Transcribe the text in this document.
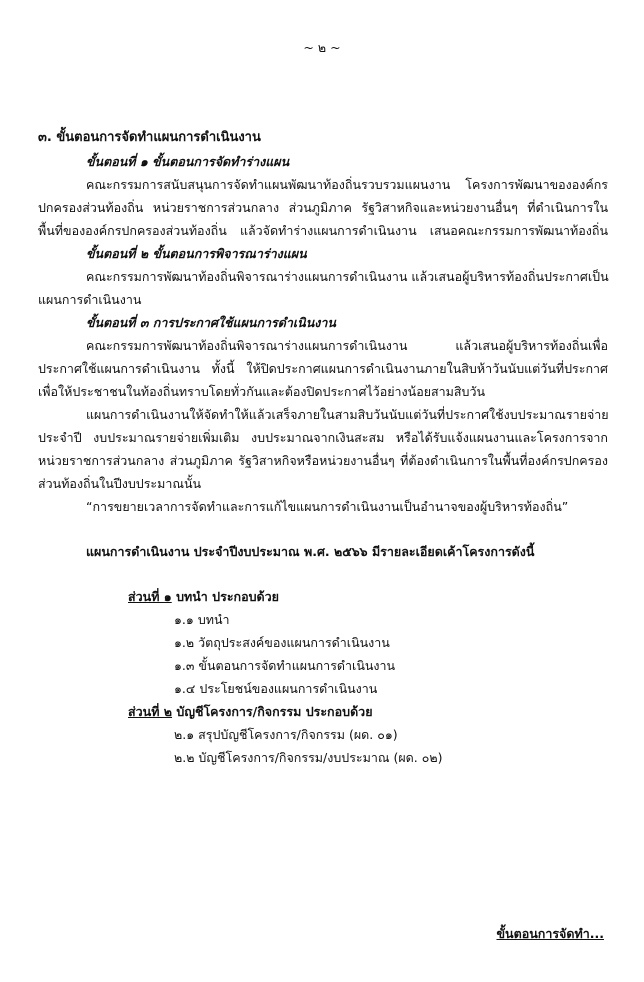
~ ๒ ~
๓. ขั้นตอนการจัดทำแผนการดำเนินงาน
ขั้นตอนที่ ๑ ขั้นตอนการจัดทำร่างแผน
คณะกรรมการสนับสนุนการจัดทำแผนพัฒนาท้องถิ่นรวบรวมแผนงาน โครงการพัฒนาขององค์กร
ปกครองส่วนท้องถิ่น หน่วยราชการส่วนกลาง ส่วนภูมิภาค รัฐวิสาหกิจและหน่วยงานอื่นๆ ที่ดำเนินการใน
พื้นที่ขององค์กรปกครองส่วนท้องถิ่น แล้วจัดทำร่างแผนการดำเนินงาน เสนอคณะกรรมการพัฒนาท้องถิ่น
ขั้นตอนที่ ๒ ขั้นตอนการพิจารณาร่างแผน
คณะกรรมการพัฒนาท้องถิ่นพิจารณาร่างแผนการดำเนินงาน แล้วเสนอผู้บริหารท้องถิ่นประกาศเป็น
แผนการดำเนินงาน
ขั้นตอนที่ ๓ การประกาศใช้แผนการดำเนินงาน
คณะกรรมการพัฒนาท้องถิ่นพิจารณาร่างแผนการดำเนินงาน แล้วเสนอผู้บริหารท้องถิ่นเพื่อ
ประกาศใช้แผนการดำเนินงาน ทั้งนี้ ให้ปิดประกาศแผนการดำเนินงานภายในสิบห้าวันนับแต่วันที่ประกาศ
เพื่อให้ประชาชนในท้องถิ่นทราบโดยทั่วกันและต้องปิดประกาศไว้อย่างน้อยสามสิบวัน
แผนการดำเนินงานให้จัดทำให้แล้วเสร็จภายในสามสิบวันนับแต่วันที่ประกาศใช้งบประมาณรายจ่าย
ประจำปี งบประมาณรายจ่ายเพิ่มเติม งบประมาณจากเงินสะสม หรือได้รับแจ้งแผนงานและโครงการจาก
หน่วยราชการส่วนกลาง ส่วนภูมิภาค รัฐวิสาหกิจหรือหน่วยงานอื่นๆ ที่ต้องดำเนินการในพื้นที่องค์กรปกครอง
ส่วนท้องถิ่นในปีงบประมาณนั้น
“การขยายเวลาการจัดทำและการแก้ไขแผนการดำเนินงานเป็นอำนาจของผู้บริหารท้องถิ่น”
แผนการดำเนินงาน ประจำปีงบประมาณ พ.ศ. ๒๕๖๖ มีรายละเอียดเค้าโครงการดังนี้
ส่วนที่ ๑ บทนำ ประกอบด้วย
๑.๑ บทนำ
๑.๒ วัตถุประสงค์ของแผนการดำเนินงาน
๑.๓ ขั้นตอนการจัดทำแผนการดำเนินงาน
๑.๔ ประโยชน์ของแผนการดำเนินงาน
ส่วนที่ ๒ บัญชีโครงการ/กิจกรรม ประกอบด้วย
๒.๑ สรุปบัญชีโครงการ/กิจกรรม (ผด. ๐๑)
๒.๒ บัญชีโครงการ/กิจกรรม/งบประมาณ (ผด. ๐๒)
ขั้นตอนการจัดทำ...
